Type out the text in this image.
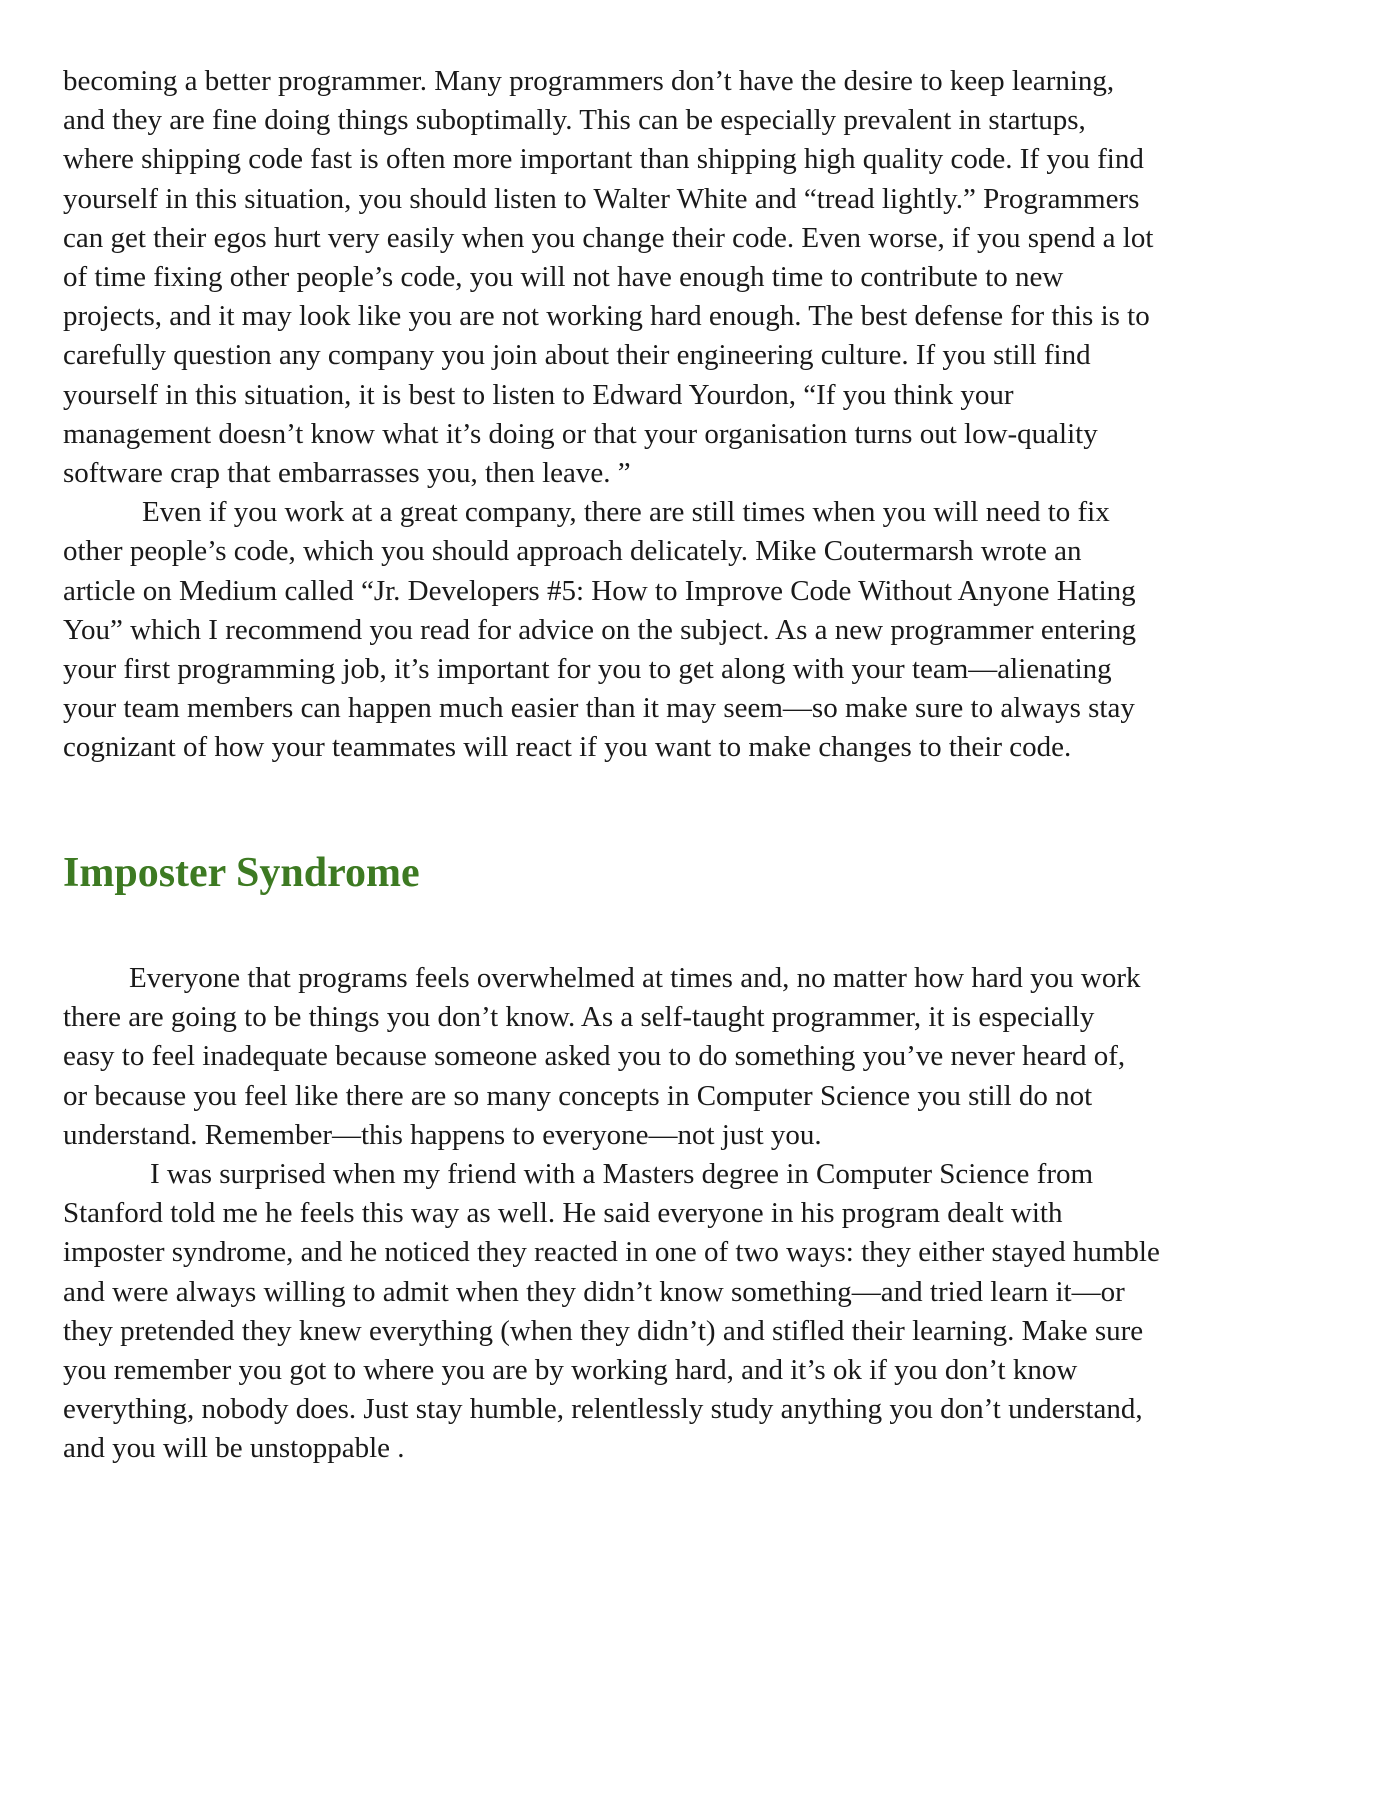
becoming a better programmer. Many programmers don’t have the desire to keep learning,
and they are fine doing things suboptimally. This can be especially prevalent in startups,
where shipping code fast is often more important than shipping high quality code. If you find
yourself in this situation, you should listen to Walter White and “tread lightly.” Programmers
can get their egos hurt very easily when you change their code. Even worse, if you spend a lot
of time fixing other people’s code, you will not have enough time to contribute to new
projects, and it may look like you are not working hard enough. The best defense for this is to
carefully question any company you join about their engineering culture. If you still find
yourself in this situation, it is best to listen to Edward Yourdon, “If you think your
management doesn’t know what it’s doing or that your organisation turns out low-quality
software crap that embarrasses you, then leave. ”

Even if you work at a great company, there are still times when you will need to fix
other people’s code, which you should approach delicately. Mike Coutermarsh wrote an
article on Medium called “Jr. Developers #5: How to Improve Code Without Anyone Hating
You” which I recommend you read for advice on the subject. As a new programmer entering
your first programming job, it’s important for you to get along with your team—alienating
your team members can happen much easier than it may seem—so make sure to always stay
cognizant of how your teammates will react if you want to make changes to their code.

Imposter Syndrome

Everyone that programs feels overwhelmed at times and, no matter how hard you work
there are going to be things you don’t know. As a self-taught programmer, it is especially
easy to feel inadequate because someone asked you to do something you’ve never heard of,
or because you feel like there are so many concepts in Computer Science you still do not
understand. Remember—this happens to everyone—not just you.

I was surprised when my friend with a Masters degree in Computer Science from
Stanford told me he feels this way as well. He said everyone in his program dealt with
imposter syndrome, and he noticed they reacted in one of two ways: they either stayed humble
and were always willing to admit when they didn’t know something—and tried learn it—or
they pretended they knew everything (when they didn’t) and stifled their learning. Make sure
you remember you got to where you are by working hard, and it’s ok if you don’t know
everything, nobody does. Just stay humble, relentlessly study anything you don’t understand,
and you will be unstoppable .
